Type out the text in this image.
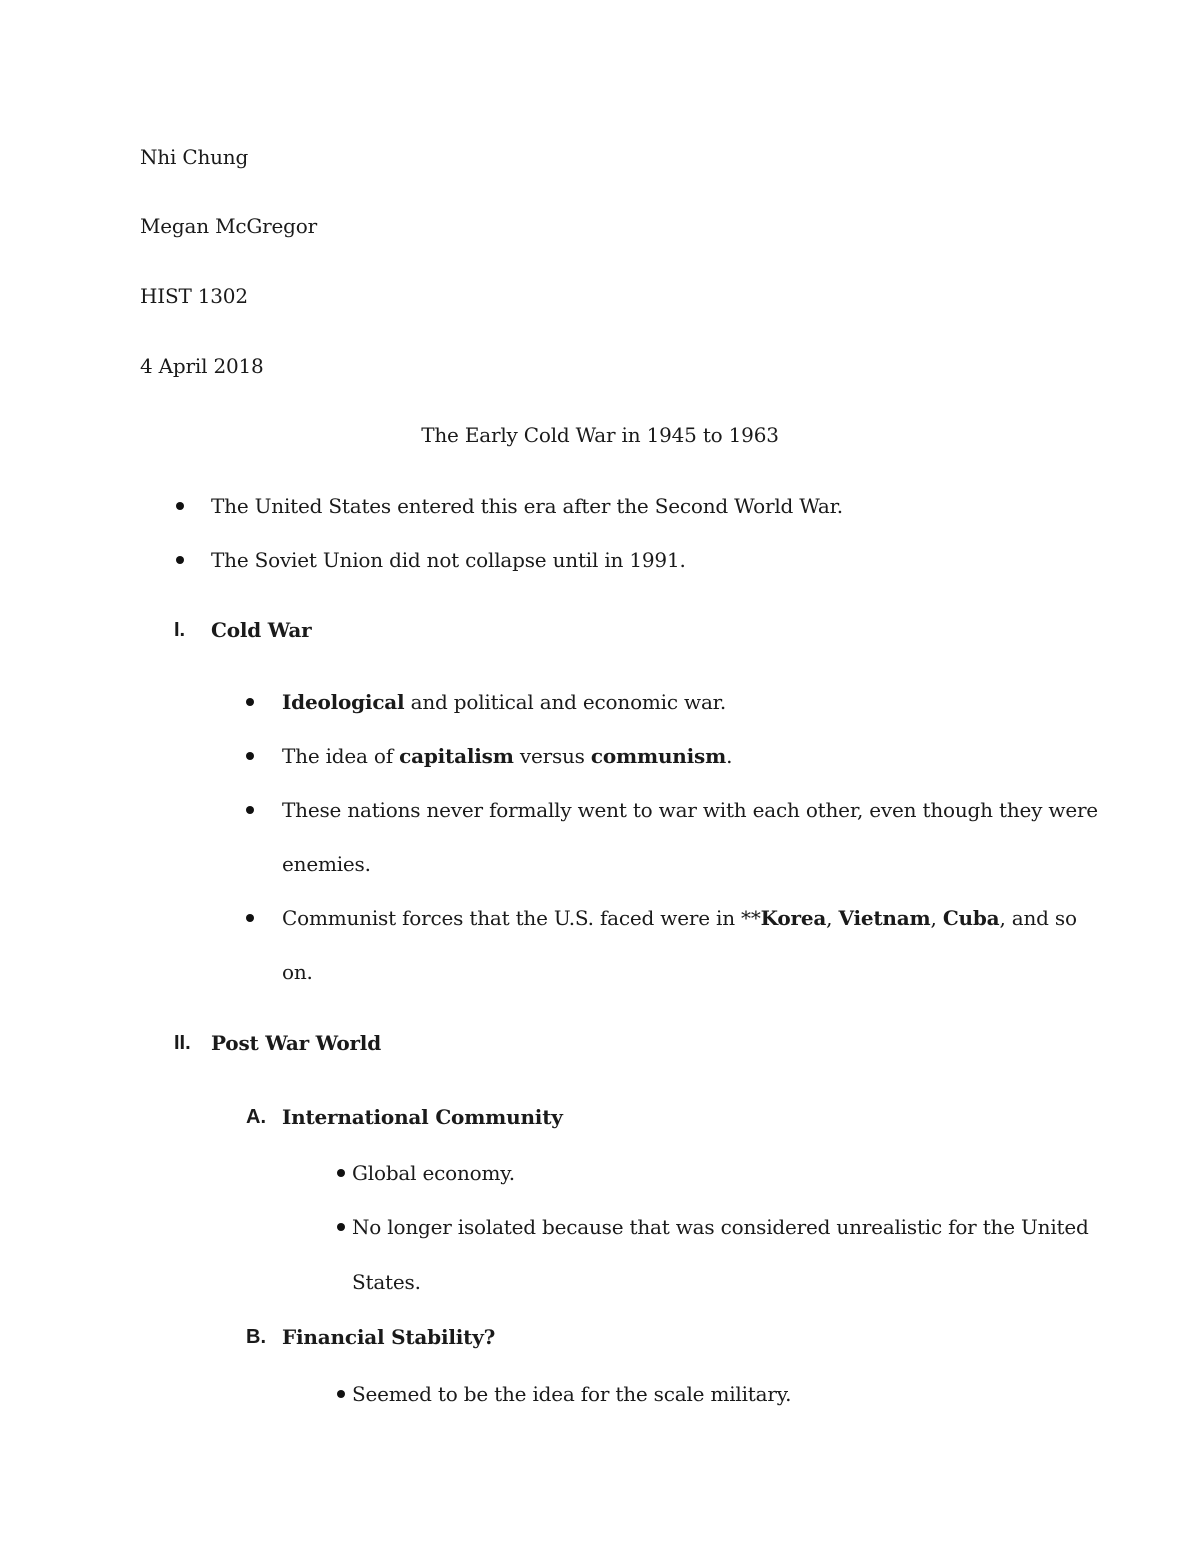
Nhi Chung
Megan McGregor
HIST 1302
4 April 2018
The Early Cold War in 1945 to 1963
The United States entered this era after the Second World War.
The Soviet Union did not collapse until in 1991.
I. Cold War
Ideological and political and economic war.
The idea of capitalism versus communism.
These nations never formally went to war with each other, even though they were
enemies.
Communist forces that the U.S. faced were in **Korea, Vietnam, Cuba, and so
on.
II. Post War World
A. International Community
Global economy.
No longer isolated because that was considered unrealistic for the United
States.
B. Financial Stability?
Seemed to be the idea for the scale military.
